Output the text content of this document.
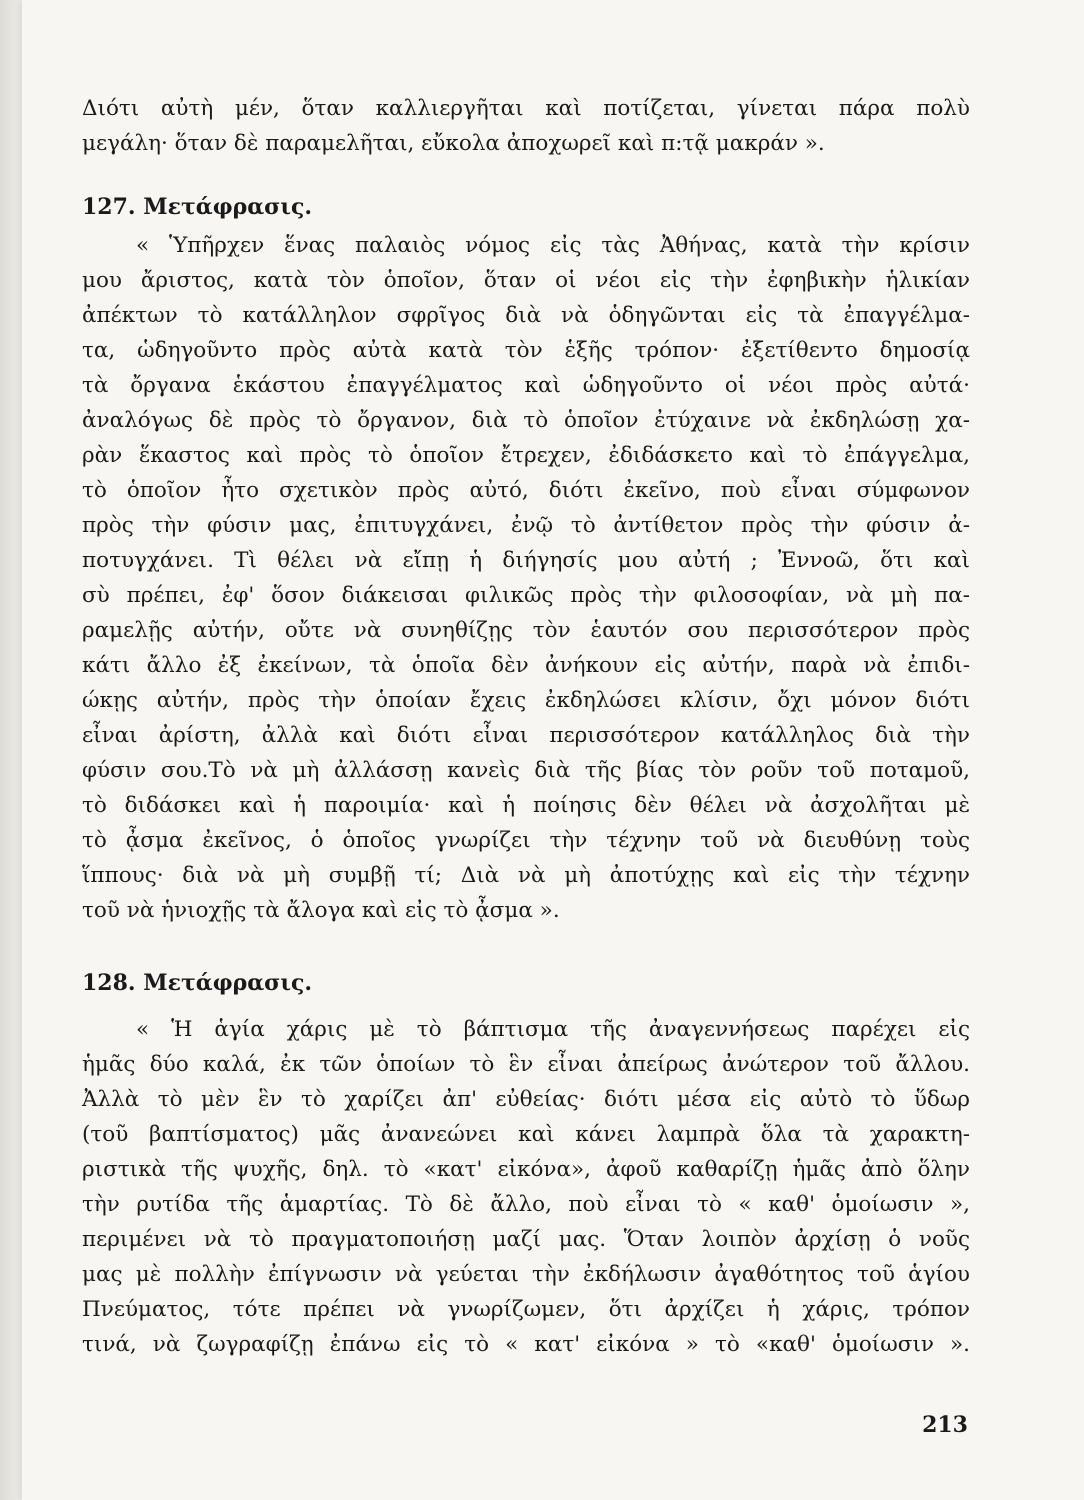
Διότι αὐτὴ μέν, ὅταν καλλιεργῆται καὶ ποτίζεται, γίνεται πάρα πολὺ
μεγάλη· ὅταν δὲ παραμελῆται, εὔκολα ἀποχωρεῖ καὶ π:τᾷ μακράν ».
127. Μετάφρασις.
« Ὑπῆρχεν ἕνας παλαιὸς νόμος εἰς τὰς Ἀθήνας, κατὰ τὴν κρίσιν
μου ἄριστος, κατὰ τὸν ὁποῖον, ὅταν οἱ νέοι εἰς τὴν ἐφηβικὴν ἡλικίαν
ἀπέκτων τὸ κατάλληλον σφρῖγος διὰ νὰ ὁδηγῶνται εἰς τὰ ἐπαγγέλμα-
τα, ὡδηγοῦντο πρὸς αὐτὰ κατὰ τὸν ἑξῆς τρόπον· ἐξετίθεντο δημοσίᾳ
τὰ ὄργανα ἑκάστου ἐπαγγέλματος καὶ ὡδηγοῦντο οἱ νέοι πρὸς αὐτά·
ἀναλόγως δὲ πρὸς τὸ ὄργανον, διὰ τὸ ὁποῖον ἐτύχαινε νὰ ἐκδηλώσῃ χα-
ρὰν ἕκαστος καὶ πρὸς τὸ ὁποῖον ἔτρεχεν, ἐδιδάσκετο καὶ τὸ ἐπάγγελμα,
τὸ ὁποῖον ἦτο σχετικὸν πρὸς αὐτό, διότι ἐκεῖνο, ποὺ εἶναι σύμφωνον
πρὸς τὴν φύσιν μας, ἐπιτυγχάνει, ἐνῷ τὸ ἀντίθετον πρὸς τὴν φύσιν ἀ-
ποτυγχάνει. Τὶ θέλει νὰ εἴπῃ ἡ διήγησίς μου αὐτή ; Ἐννοῶ, ὅτι καὶ
σὺ πρέπει, ἐφ' ὅσον διάκεισαι φιλικῶς πρὸς τὴν φιλοσοφίαν, νὰ μὴ πα-
ραμελῇς αὐτήν, οὔτε νὰ συνηθίζῃς τὸν ἑαυτόν σου περισσότερον πρὸς
κάτι ἄλλο ἐξ ἐκείνων, τὰ ὁποῖα δὲν ἀνήκουν εἰς αὐτήν, παρὰ νὰ ἐπιδι-
ώκῃς αὐτήν, πρὸς τὴν ὁποίαν ἔχεις ἐκδηλώσει κλίσιν, ὄχι μόνον διότι
εἶναι ἀρίστη, ἀλλὰ καὶ διότι εἶναι περισσότερον κατάλληλος διὰ τὴν
φύσιν σου.Τὸ νὰ μὴ ἀλλάσσῃ κανεὶς διὰ τῆς βίας τὸν ροῦν τοῦ ποταμοῦ,
τὸ διδάσκει καὶ ἡ παροιμία· καὶ ἡ ποίησις δὲν θέλει νὰ ἀσχολῆται μὲ
τὸ ᾆσμα ἐκεῖνος, ὁ ὁποῖος γνωρίζει τὴν τέχνην τοῦ νὰ διευθύνῃ τοὺς
ἵππους· διὰ νὰ μὴ συμβῇ τί; Διὰ νὰ μὴ ἀποτύχῃς καὶ εἰς τὴν τέχνην
τοῦ νὰ ἡνιοχῇς τὰ ἄλογα καὶ εἰς τὸ ᾆσμα ».
128. Μετάφρασις.
« Ἡ ἁγία χάρις μὲ τὸ βάπτισμα τῆς ἀναγεννήσεως παρέχει εἰς
ἡμᾶς δύο καλά, ἐκ τῶν ὁποίων τὸ ἓν εἶναι ἀπείρως ἀνώτερον τοῦ ἄλλου.
Ἀλλὰ τὸ μὲν ἓν τὸ χαρίζει ἀπ' εὐθείας· διότι μέσα εἰς αὐτὸ τὸ ὕδωρ
(τοῦ βαπτίσματος) μᾶς ἀνανεώνει καὶ κάνει λαμπρὰ ὅλα τὰ χαρακτη-
ριστικὰ τῆς ψυχῆς, δηλ. τὸ «κατ' εἰκόνα», ἀφοῦ καθαρίζῃ ἡμᾶς ἀπὸ ὅλην
τὴν ρυτίδα τῆς ἁμαρτίας. Τὸ δὲ ἄλλο, ποὺ εἶναι τὸ « καθ' ὁμοίωσιν »,
περιμένει νὰ τὸ πραγματοποιήσῃ μαζί μας. Ὅταν λοιπὸν ἀρχίσῃ ὁ νοῦς
μας μὲ πολλὴν ἐπίγνωσιν νὰ γεύεται τὴν ἐκδήλωσιν ἀγαθότητος τοῦ ἁγίου
Πνεύματος, τότε πρέπει νὰ γνωρίζωμεν, ὅτι ἀρχίζει ἡ χάρις, τρόπον
τινά, νὰ ζωγραφίζῃ ἐπάνω εἰς τὸ « κατ' εἰκόνα » τὸ «καθ' ὁμοίωσιν ».
213
